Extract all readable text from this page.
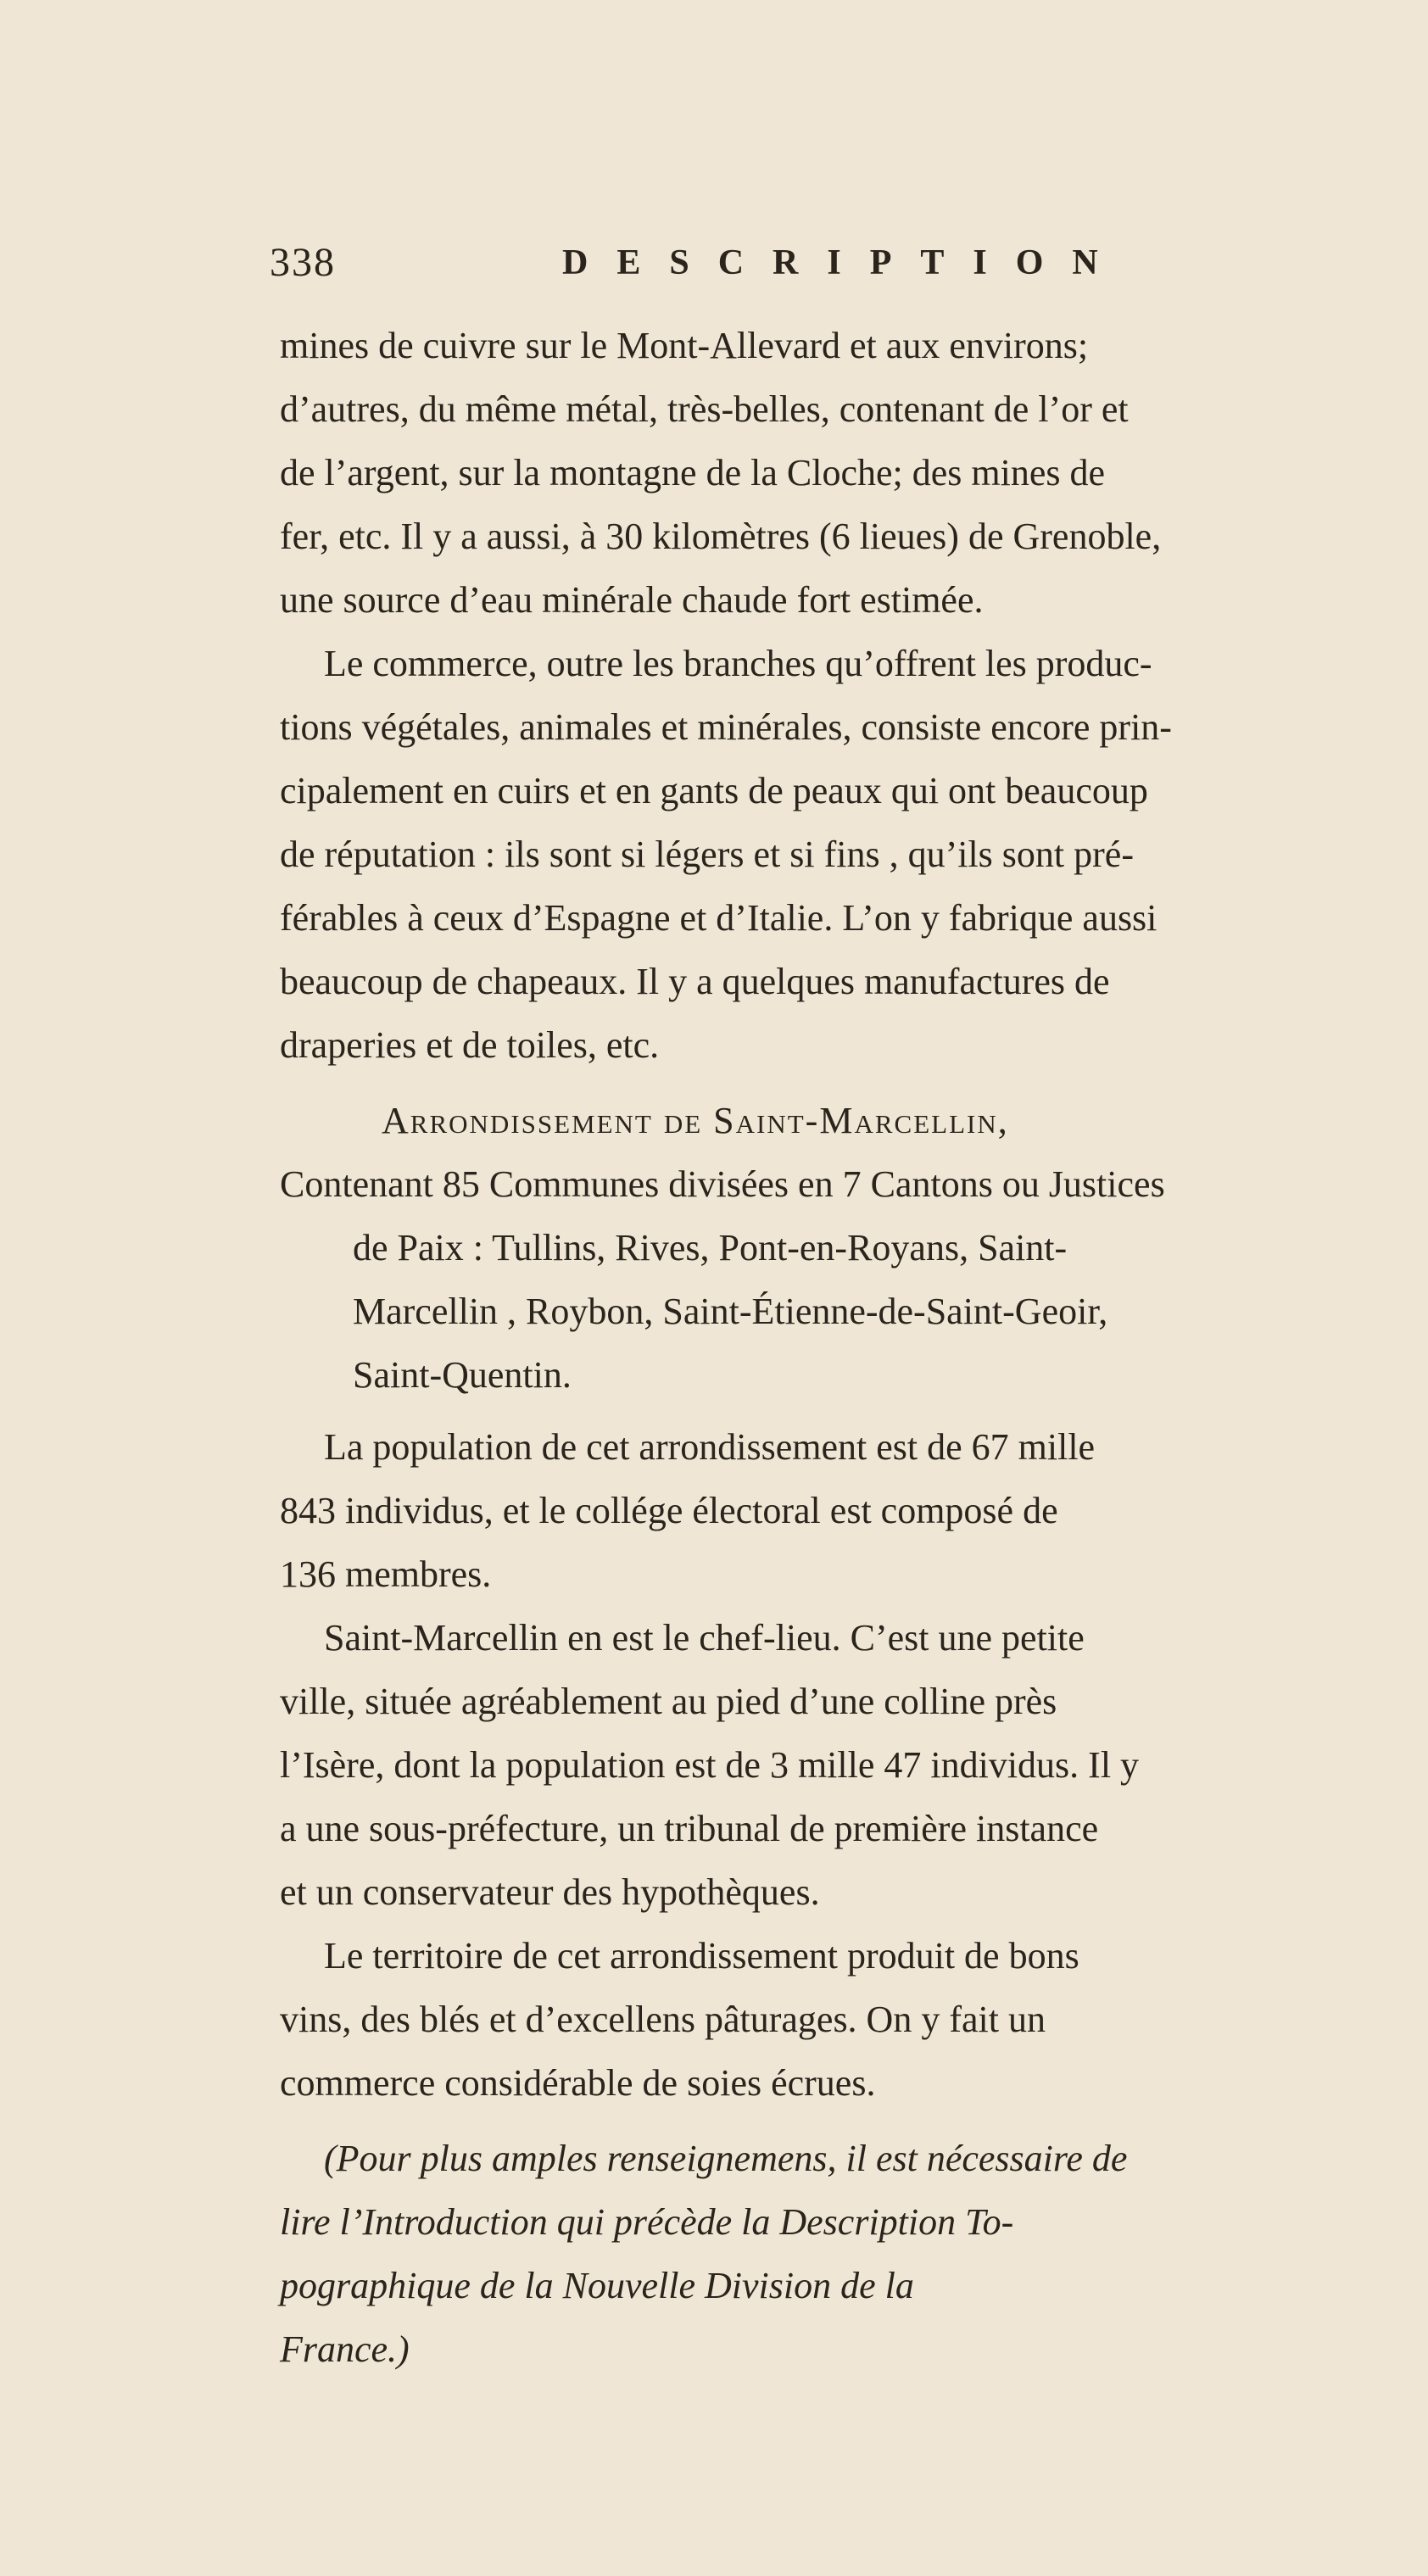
338	DESCRIPTION

mines de cuivre sur le Mont-Allevard et aux environs;
d’autres, du même métal, très-belles, contenant de l’or et
de l’argent, sur la montagne de la Cloche; des mines de
fer, etc. Il y a aussi, à 30 kilomètres (6 lieues) de Grenoble,
une source d’eau minérale chaude fort estimée.

Le commerce, outre les branches qu’offrent les produc-
tions végétales, animales et minérales, consiste encore prin-
cipalement en cuirs et en gants de peaux qui ont beaucoup
de réputation : ils sont si légers et si fins , qu’ils sont pré-
férables à ceux d’Espagne et d’Italie. L’on y fabrique aussi
beaucoup de chapeaux. Il y a quelques manufactures de
draperies et de toiles, etc.

Arrondissement de Saint-Marcellin,

Contenant 85 Communes divisées en 7 Cantons ou Justices
de Paix : Tullins, Rives, Pont-en-Royans, Saint-
Marcellin , Roybon, Saint-Étienne-de-Saint-Geoir,
Saint-Quentin.

La population de cet arrondissement est de 67 mille
843 individus, et le collége électoral est composé de
136 membres.

Saint-Marcellin en est le chef-lieu. C’est une petite
ville, située agréablement au pied d’une colline près
l’Isère, dont la population est de 3 mille 47 individus. Il y
a une sous-préfecture, un tribunal de première instance
et un conservateur des hypothèques.

Le territoire de cet arrondissement produit de bons
vins, des blés et d’excellens pâturages. On y fait un
commerce considérable de soies écrues.

(Pour plus amples renseignemens, il est nécessaire de
lire l’Introduction qui précède la Description To-
pographique de la Nouvelle Division de la
France.)
